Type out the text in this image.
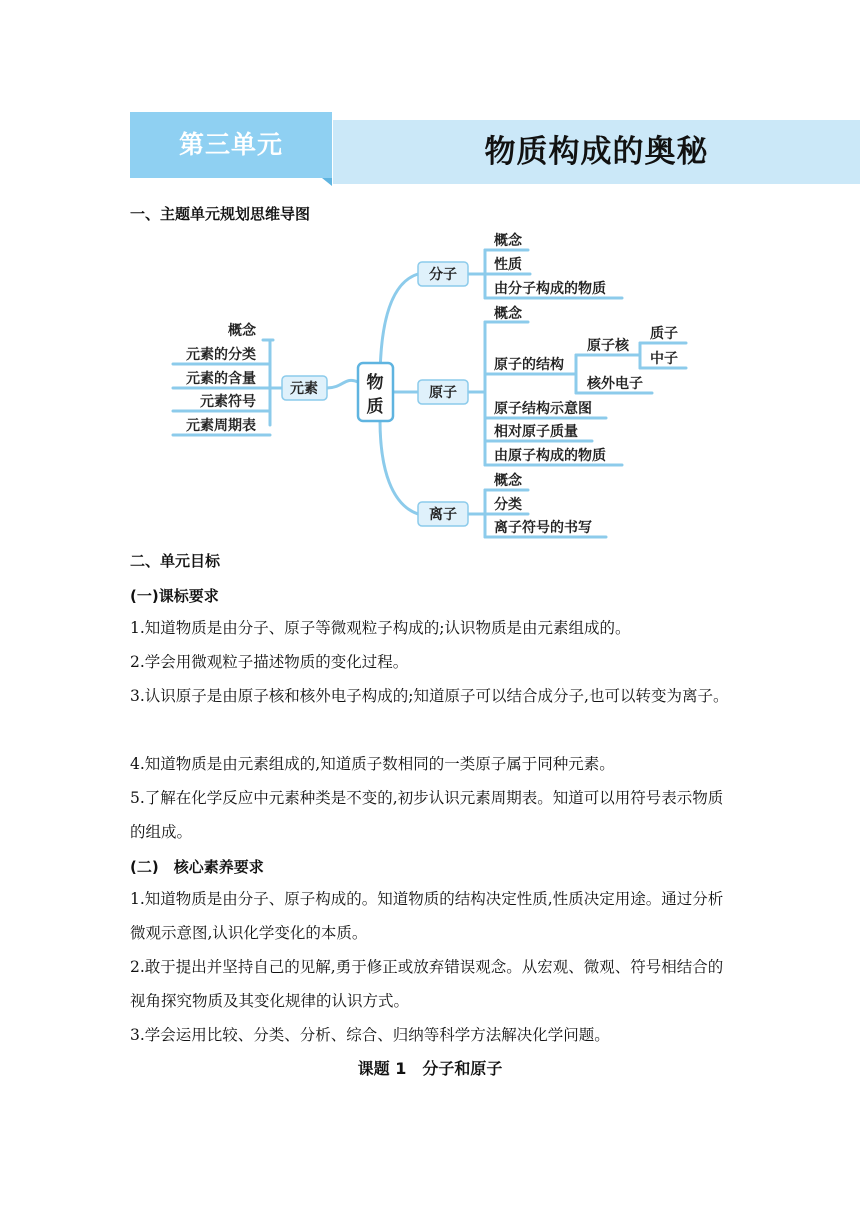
第三单元	物质构成的奥秘
一、主题单元规划思维导图
物
质
元素
概念
元素的分类
元素的含量
元素符号
元素周期表
分子
概念
性质
由分子构成的物质
原子
概念
原子的结构
原子核
质子
中子
核外电子
原子结构示意图
相对原子质量
由原子构成的物质
离子
概念
分类
离子符号的书写
二、单元目标
(一)课标要求
1.知道物质是由分子、原子等微观粒子构成的;认识物质是由元素组成的。
2.学会用微观粒子描述物质的变化过程。
3.认识原子是由原子核和核外电子构成的;知道原子可以结合成分子,也可以转变为离子。
4.知道物质是由元素组成的,知道质子数相同的一类原子属于同种元素。
5.了解在化学反应中元素种类是不变的,初步认识元素周期表。知道可以用符号表示物质的组成。
(二)　核心素养要求
1.知道物质是由分子、原子构成的。知道物质的结构决定性质,性质决定用途。通过分析微观示意图,认识化学变化的本质。
2.敢于提出并坚持自己的见解,勇于修正或放弃错误观念。从宏观、微观、符号相结合的视角探究物质及其变化规律的认识方式。
3.学会运用比较、分类、分析、综合、归纳等科学方法解决化学问题。
课题 1　分子和原子
